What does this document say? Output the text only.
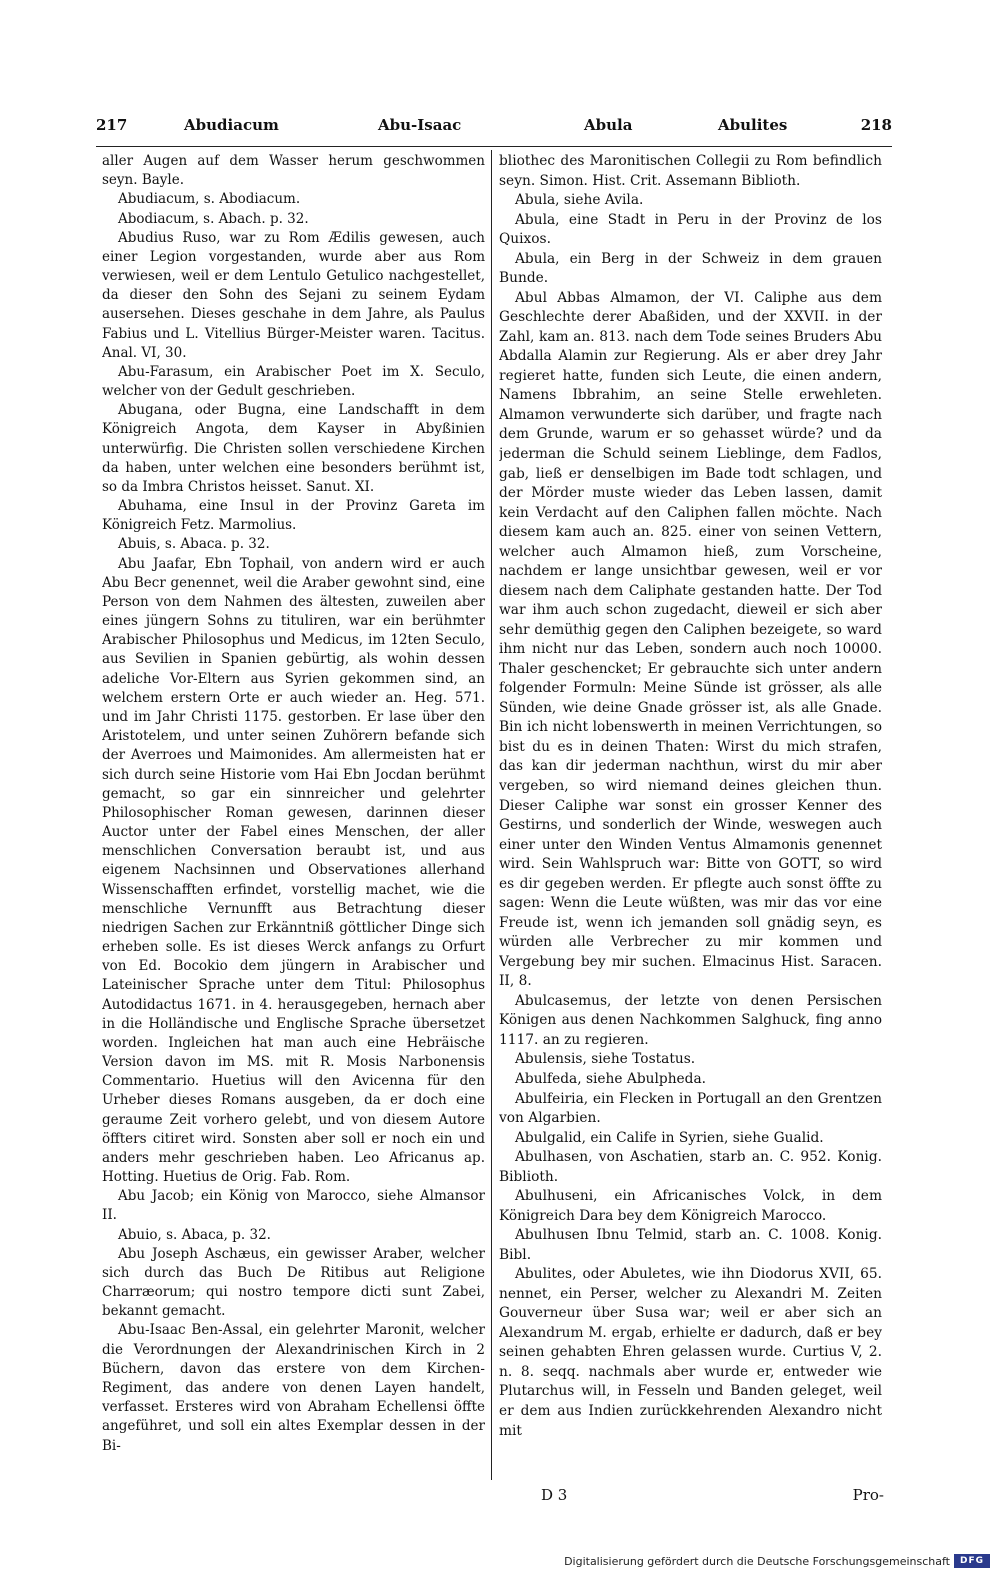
217	Abudiacum	Abu-Isaac	Abula	Abulites	218

aller Augen auf dem Wasser herum geschwommen seyn. Bayle.

Abudiacum, s. Abodiacum.

Abodiacum, s. Abach. p. 32.

Abudius Ruso, war zu Rom Ædilis gewesen, auch einer Legion vorgestanden, wurde aber aus Rom verwiesen, weil er dem Lentulo Getulico nachgestellet, da dieser den Sohn des Sejani zu seinem Eydam ausersehen. Dieses geschahe in dem Jahre, als Paulus Fabius und L. Vitellius Bürger-Meister waren. Tacitus. Anal. VI, 30.

Abu-Farasum, ein Arabischer Poet im X. Seculo, welcher von der Gedult geschrieben.

Abugana, oder Bugna, eine Landschafft in dem Königreich Angota, dem Kayser in Abyßinien unterwürfig. Die Christen sollen verschiedene Kirchen da haben, unter welchen eine besonders berühmt ist, so da Imbra Christos heisset. Sanut. XI.

Abuhama, eine Insul in der Provinz Gareta im Königreich Fetz. Marmolius.

Abuis, s. Abaca. p. 32.

Abu Jaafar, Ebn Tophail, von andern wird er auch Abu Becr genennet, weil die Araber gewohnt sind, eine Person von dem Nahmen des ältesten, zuweilen aber eines jüngern Sohns zu tituliren, war ein berühmter Arabischer Philosophus und Medicus, im 12ten Seculo, aus Sevilien in Spanien gebürtig, als wohin dessen adeliche Vor-Eltern aus Syrien gekommen sind, an welchem erstern Orte er auch wieder an. Heg. 571. und im Jahr Christi 1175. gestorben. Er lase über den Aristotelem, und unter seinen Zuhörern befande sich der Averroes und Maimonides. Am allermeisten hat er sich durch seine Historie vom Hai Ebn Jocdan berühmt gemacht, so gar ein sinnreicher und gelehrter Philosophischer Roman gewesen, darinnen dieser Auctor unter der Fabel eines Menschen, der aller menschlichen Conversation beraubt ist, und aus eigenem Nachsinnen und Observationes allerhand Wissenschafften erfindet, vorstellig machet, wie die menschliche Vernunfft aus Betrachtung dieser niedrigen Sachen zur Erkänntniß göttlicher Dinge sich erheben solle. Es ist dieses Werck anfangs zu Orfurt von Ed. Bocokio dem jüngern in Arabischer und Lateinischer Sprache unter dem Titul: Philosophus Autodidactus 1671. in 4. herausgegeben, hernach aber in die Holländische und Englische Sprache übersetzet worden. Ingleichen hat man auch eine Hebräische Version davon im MS. mit R. Mosis Narbonensis Commentario. Huetius will den Avicenna für den Urheber dieses Romans ausgeben, da er doch eine geraume Zeit vorhero gelebt, und von diesem Autore öffters citiret wird. Sonsten aber soll er noch ein und anders mehr geschrieben haben. Leo Africanus ap. Hotting. Huetius de Orig. Fab. Rom.

Abu Jacob; ein König von Marocco, siehe Almansor II.

Abuio, s. Abaca, p. 32.

Abu Joseph Aschæus, ein gewisser Araber, welcher sich durch das Buch De Ritibus aut Religione Charræorum; qui nostro tempore dicti sunt Zabei, bekannt gemacht.

Abu-Isaac Ben-Assal, ein gelehrter Maronit, welcher die Verordnungen der Alexandrinischen Kirch in 2 Büchern, davon das erstere von dem Kirchen-Regiment, das andere von denen Layen handelt, verfasset. Ersteres wird von Abraham Echellensi öffte angeführet, und soll ein altes Exemplar dessen in der Bi-

bliothec des Maronitischen Collegii zu Rom befindlich seyn. Simon. Hist. Crit. Assemann Biblioth.

Abula, siehe Avila.

Abula, eine Stadt in Peru in der Provinz de los Quixos.

Abula, ein Berg in der Schweiz in dem grauen Bunde.

Abul Abbas Almamon, der VI. Caliphe aus dem Geschlechte derer Abaßiden, und der XXVII. in der Zahl, kam an. 813. nach dem Tode seines Bruders Abu Abdalla Alamin zur Regierung. Als er aber drey Jahr regieret hatte, funden sich Leute, die einen andern, Namens Ibbrahim, an seine Stelle erwehleten. Almamon verwunderte sich darüber, und fragte nach dem Grunde, warum er so gehasset würde? und da jederman die Schuld seinem Lieblinge, dem Fadlos, gab, ließ er denselbigen im Bade todt schlagen, und der Mörder muste wieder das Leben lassen, damit kein Verdacht auf den Caliphen fallen möchte. Nach diesem kam auch an. 825. einer von seinen Vettern, welcher auch Almamon hieß, zum Vorscheine, nachdem er lange unsichtbar gewesen, weil er vor diesem nach dem Caliphate gestanden hatte. Der Tod war ihm auch schon zugedacht, dieweil er sich aber sehr demüthig gegen den Caliphen bezeigete, so ward ihm nicht nur das Leben, sondern auch noch 10000. Thaler geschencket; Er gebrauchte sich unter andern folgender Formuln: Meine Sünde ist grösser, als alle Sünden, wie deine Gnade grösser ist, als alle Gnade. Bin ich nicht lobenswerth in meinen Verrichtungen, so bist du es in deinen Thaten: Wirst du mich strafen, das kan dir jederman nachthun, wirst du mir aber vergeben, so wird niemand deines gleichen thun. Dieser Caliphe war sonst ein grosser Kenner des Gestirns, und sonderlich der Winde, weswegen auch einer unter den Winden Ventus Almamonis genennet wird. Sein Wahlspruch war: Bitte von GOTT, so wird es dir gegeben werden. Er pflegte auch sonst öffte zu sagen: Wenn die Leute wüßten, was mir das vor eine Freude ist, wenn ich jemanden soll gnädig seyn, es würden alle Verbrecher zu mir kommen und Vergebung bey mir suchen. Elmacinus Hist. Saracen. II, 8.

Abulcasemus, der letzte von denen Persischen Königen aus denen Nachkommen Salghuck, fing anno 1117. an zu regieren.

Abulensis, siehe Tostatus.

Abulfeda, siehe Abulpheda.

Abulfeiria, ein Flecken in Portugall an den Grentzen von Algarbien.

Abulgalid, ein Calife in Syrien, siehe Gualid.

Abulhasen, von Aschatien, starb an. C. 952. Konig. Biblioth.

Abulhuseni, ein Africanisches Volck, in dem Königreich Dara bey dem Königreich Marocco.

Abulhusen Ibnu Telmid, starb an. C. 1008. Konig. Bibl.

Abulites, oder Abuletes, wie ihn Diodorus XVII, 65. nennet, ein Perser, welcher zu Alexandri M. Zeiten Gouverneur über Susa war; weil er aber sich an Alexandrum M. ergab, erhielte er dadurch, daß er bey seinen gehabten Ehren gelassen wurde. Curtius V, 2. n. 8. seqq. nachmals aber wurde er, entweder wie Plutarchus will, in Fesseln und Banden geleget, weil er dem aus Indien zurückkehrenden Alexandro nicht mit

D 3	Pro-
Digitalisierung gefördert durch die Deutsche Forschungsgemeinschaft	DFG
